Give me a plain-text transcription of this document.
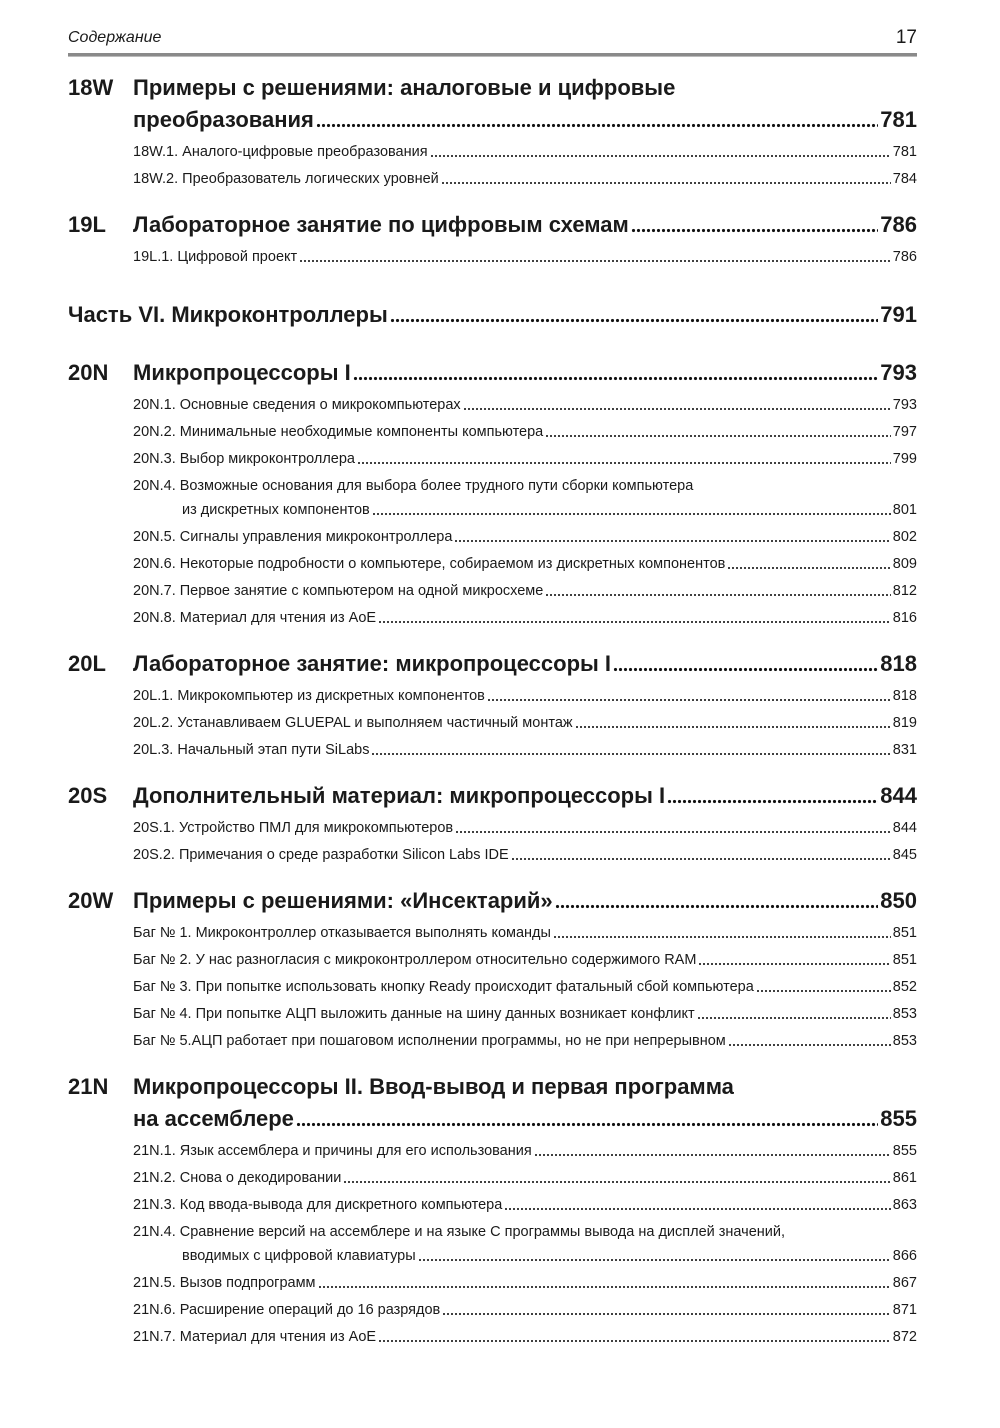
Содержание	17
18W Примеры с решениями: аналоговые и цифровые
преобразования	781
18W.1. Аналого-цифровые преобразования	781
18W.2. Преобразователь логических уровней	784
19L	Лабораторное занятие по цифровым схемам	786
19L.1. Цифровой проект	786
Часть VI. Микроконтроллеры	791
20N	Микропроцессоры I	793
20N.1. Основные сведения о микрокомпьютерах	793
20N.2. Минимальные необходимые компоненты компьютера	797
20N.3. Выбор микроконтроллера	799
20N.4. Возможные основания для выбора более трудного пути сборки компьютера
из дискретных компонентов	801
20N.5. Сигналы управления микроконтроллера	802
20N.6. Некоторые подробности о компьютере, собираемом из дискретных компонентов	809
20N.7. Первое занятие с компьютером на одной микросхеме	812
20N.8. Материал для чтения из AoE	816
20L	Лабораторное занятие: микропроцессоры I	818
20L.1. Микрокомпьютер из дискретных компонентов	818
20L.2. Устанавливаем GLUEPAL и выполняем частичный монтаж	819
20L.3. Начальный этап пути SiLabs	831
20S	Дополнительный материал: микропроцессоры I	844
20S.1. Устройство ПМЛ для микрокомпьютеров	844
20S.2. Примечания о среде разработки Silicon Labs IDE	845
20W Примеры с решениями: «Инсектарий»	850
Баг № 1. Микроконтроллер отказывается выполнять команды	851
Баг № 2. У нас разногласия с микроконтроллером относительно содержимого RAM	851
Баг № 3. При попытке использовать кнопку Ready происходит фатальный сбой компьютера	852
Баг № 4. При попытке АЦП выложить данные на шину данных возникает конфликт	853
Баг № 5.АЦП работает при пошаговом исполнении программы, но не при непрерывном	853
21N	Микропроцессоры II. Ввод-вывод и первая программа
на ассемблере	855
21N.1. Язык ассемблера и причины для его использования	855
21N.2. Снова о декодировании	861
21N.3. Код ввода-вывода для дискретного компьютера	863
21N.4. Сравнение версий на ассемблере и на языке С программы вывода на дисплей значений,
вводимых с цифровой клавиатуры	866
21N.5. Вызов подпрограмм	867
21N.6. Расширение операций до 16 разрядов	871
21N.7. Материал для чтения из AoE	872
